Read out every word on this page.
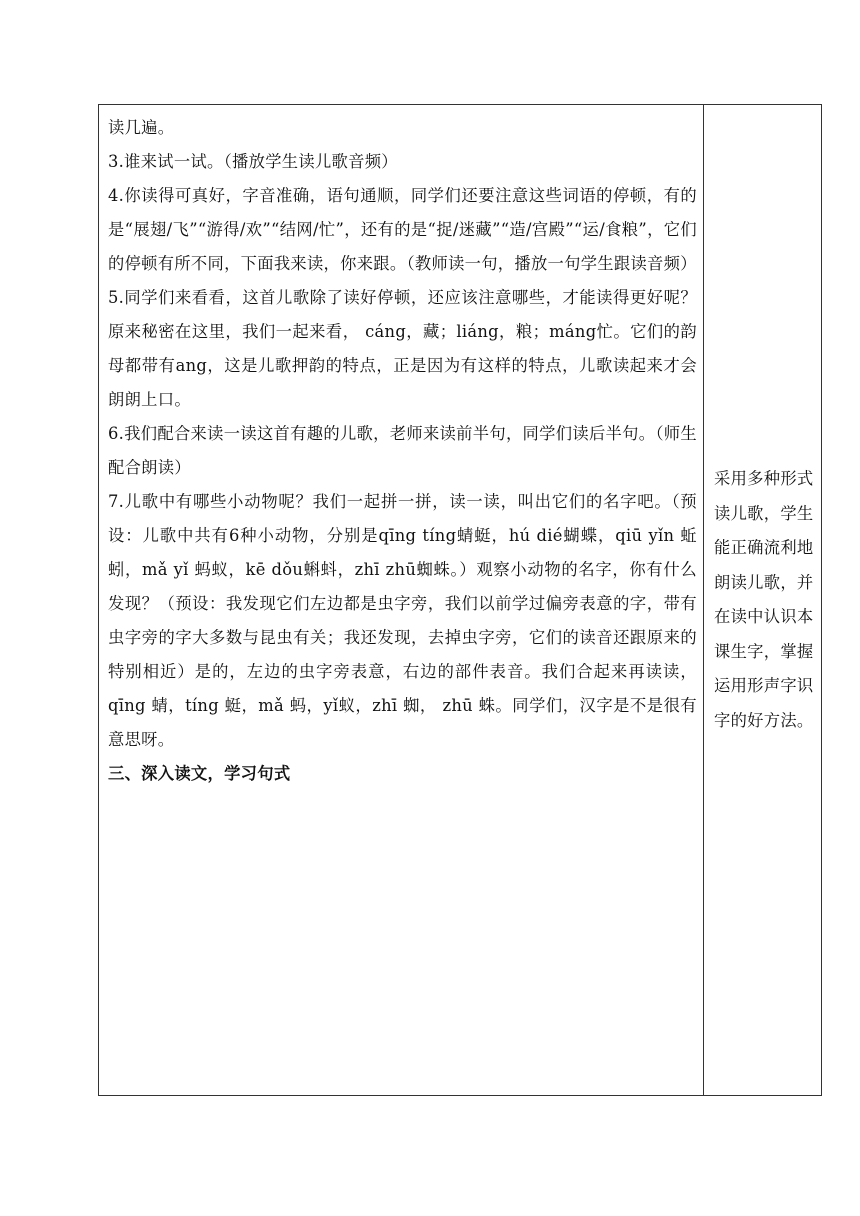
读几遍。

3.谁来试一试。（播放学生读儿歌音频）

4.你读得可真好，字音准确，语句通顺，同学们还要注意这些词语的停顿，有的是“展翅/飞”“游得/欢”“结网/忙”，还有的是“捉/迷藏”“造/宫殿”“运/食粮”，它们的停顿有所不同，下面我来读，你来跟。（教师读一句，播放一句学生跟读音频）

5.同学们来看看，这首儿歌除了读好停顿，还应该注意哪些，才能读得更好呢？原来秘密在这里，我们一起来看， cáng，藏；liáng，粮；máng忙。它们的韵母都带有ang，这是儿歌押韵的特点，正是因为有这样的特点，儿歌读起来才会朗朗上口。

6.我们配合来读一读这首有趣的儿歌，老师来读前半句，同学们读后半句。（师生配合朗读）

7.儿歌中有哪些小动物呢？我们一起拼一拼，读一读，叫出它们的名字吧。（预设：儿歌中共有6种小动物，分别是qīng tíng蜻蜓，hú dié蝴蝶，qiū yǐn 蚯蚓，mǎ yǐ 蚂蚁，kē dǒu蝌蚪，zhī zhū蜘蛛。）观察小动物的名字，你有什么发现？（预设：我发现它们左边都是虫字旁，我们以前学过偏旁表意的字，带有虫字旁的字大多数与昆虫有关；我还发现，去掉虫字旁，它们的读音还跟原来的特别相近）是的，左边的虫字旁表意，右边的部件表音。我们合起来再读读，qīng 蜻，tíng 蜓，mǎ 蚂，yǐ蚁，zhī 蜘， zhū 蛛。同学们，汉字是不是很有意思呀。

三、深入读文，学习句式

采用多种形式读儿歌，学生能正确流利地朗读儿歌，并在读中认识本课生字，掌握运用形声字识字的好方法。
